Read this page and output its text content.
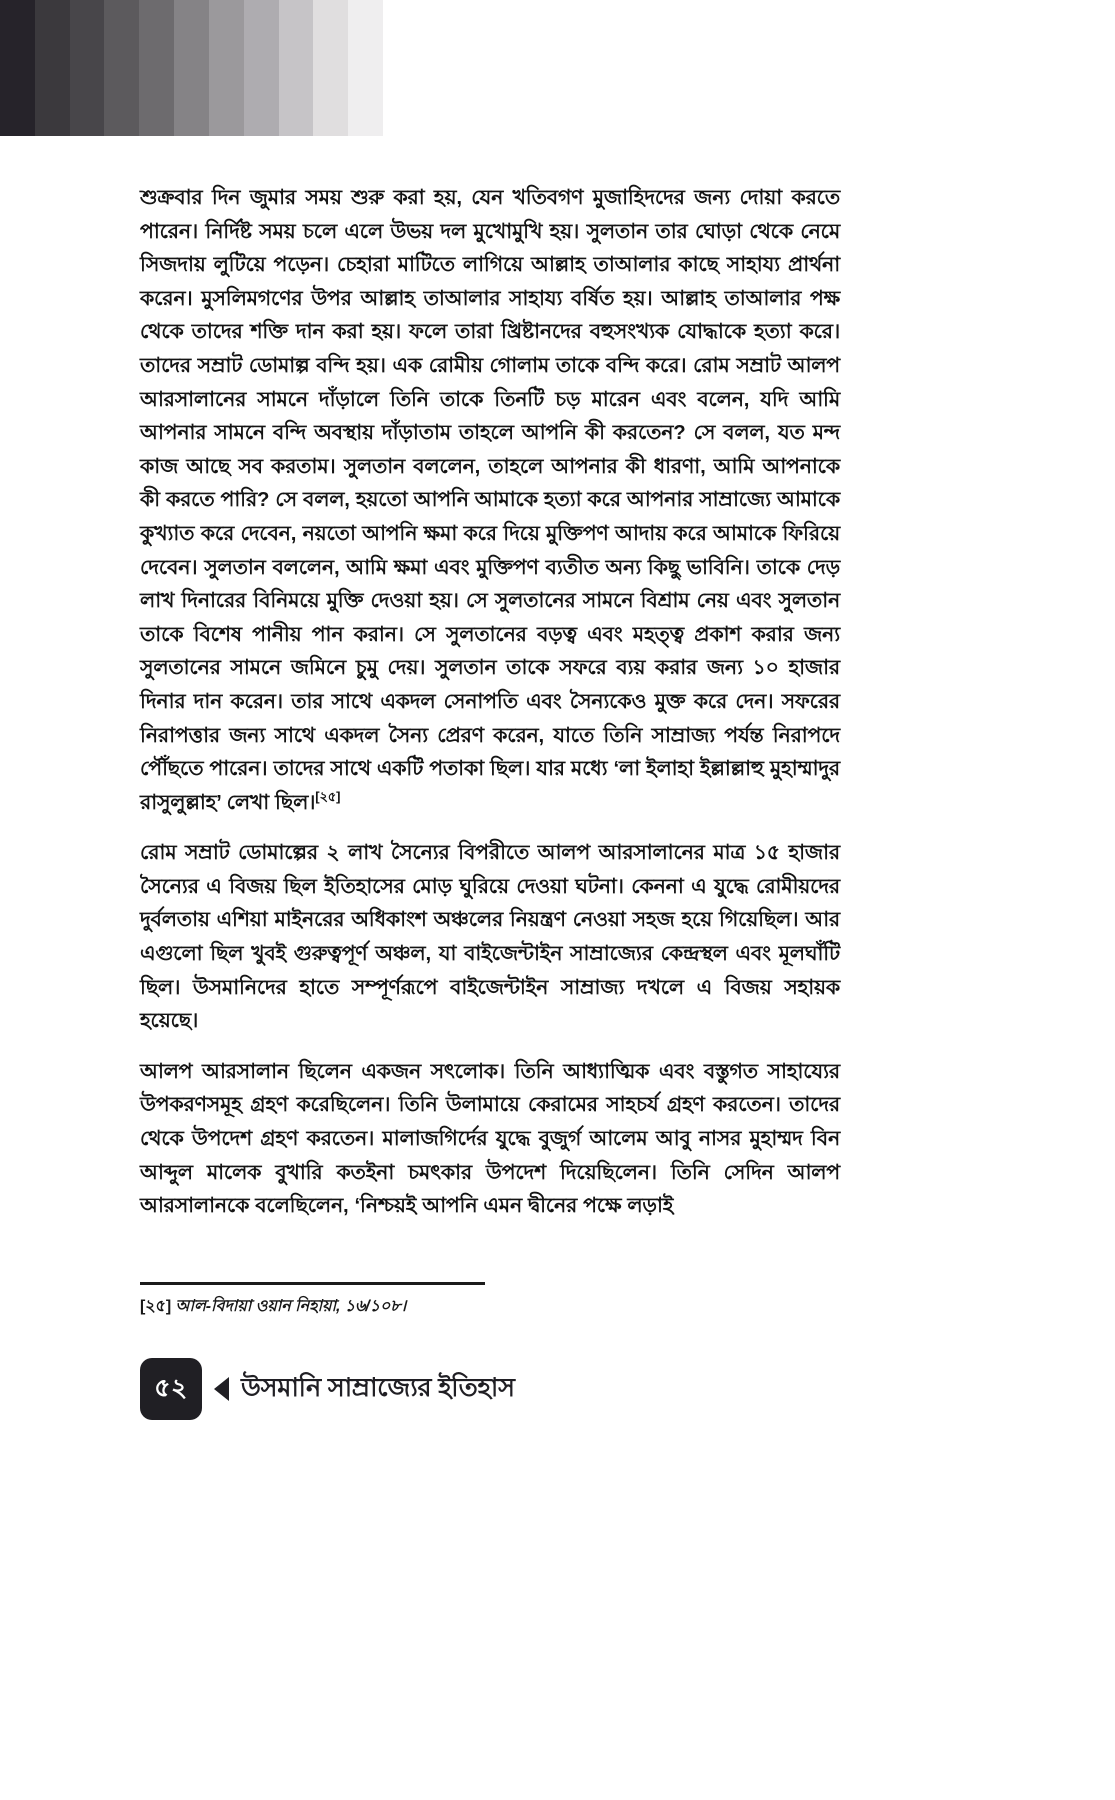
শুক্রবার দিন জুমার সময় শুরু করা হয়, যেন খতিবগণ মুজাহিদদের জন্য দোয়া করতে পারেন। নির্দিষ্ট সময় চলে এলে উভয় দল মুখোমুখি হয়। সুলতান তার ঘোড়া থেকে নেমে সিজদায় লুটিয়ে পড়েন। চেহারা মাটিতে লাগিয়ে আল্লাহ তাআলার কাছে সাহায্য প্রার্থনা করেন। মুসলিমগণের উপর আল্লাহ তাআলার সাহায্য বর্ষিত হয়। আল্লাহ তাআলার পক্ষ থেকে তাদের শক্তি দান করা হয়। ফলে তারা খ্রিষ্টানদের বহুসংখ্যক যোদ্ধাকে হত্যা করে। তাদের সম্রাট ডোমাল্প বন্দি হয়। এক রোমীয় গোলাম তাকে বন্দি করে। রোম সম্রাট আলপ আরসালানের সামনে দাঁড়ালে তিনি তাকে তিনটি চড় মারেন এবং বলেন, যদি আমি আপনার সামনে বন্দি অবস্থায় দাঁড়াতাম তাহলে আপনি কী করতেন? সে বলল, যত মন্দ কাজ আছে সব করতাম। সুলতান বললেন, তাহলে আপনার কী ধারণা, আমি আপনাকে কী করতে পারি? সে বলল, হয়তো আপনি আমাকে হত্যা করে আপনার সাম্রাজ্যে আমাকে কুখ্যাত করে দেবেন, নয়তো আপনি ক্ষমা করে দিয়ে মুক্তিপণ আদায় করে আমাকে ফিরিয়ে দেবেন। সুলতান বললেন, আমি ক্ষমা এবং মুক্তিপণ ব্যতীত অন্য কিছু ভাবিনি। তাকে দেড় লাখ দিনারের বিনিময়ে মুক্তি দেওয়া হয়। সে সুলতানের সামনে বিশ্রাম নেয় এবং সুলতান তাকে বিশেষ পানীয় পান করান। সে সুলতানের বড়ত্ব এবং মহত্ত্ব প্রকাশ করার জন্য সুলতানের সামনে জমিনে চুমু দেয়। সুলতান তাকে সফরে ব্যয় করার জন্য ১০ হাজার দিনার দান করেন। তার সাথে একদল সেনাপতি এবং সৈন্যকেও মুক্ত করে দেন। সফরের নিরাপত্তার জন্য সাথে একদল সৈন্য প্রেরণ করেন, যাতে তিনি সাম্রাজ্য পর্যন্ত নিরাপদে পৌঁছতে পারেন। তাদের সাথে একটি পতাকা ছিল। যার মধ্যে ‘লা ইলাহা ইল্লাল্লাহু মুহাম্মাদুর রাসুলুল্লাহ’ লেখা ছিল।[২৫]

রোম সম্রাট ডোমাল্পের ২ লাখ সৈন্যের বিপরীতে আলপ আরসালানের মাত্র ১৫ হাজার সৈন্যের এ বিজয় ছিল ইতিহাসের মোড় ঘুরিয়ে দেওয়া ঘটনা। কেননা এ যুদ্ধে রোমীয়দের দুর্বলতায় এশিয়া মাইনরের অধিকাংশ অঞ্চলের নিয়ন্ত্রণ নেওয়া সহজ হয়ে গিয়েছিল। আর এগুলো ছিল খুবই গুরুত্বপূর্ণ অঞ্চল, যা বাইজেন্টাইন সাম্রাজ্যের কেন্দ্রস্থল এবং মূলঘাঁটি ছিল। উসমানিদের হাতে সম্পূর্ণরূপে বাইজেন্টাইন সাম্রাজ্য দখলে এ বিজয় সহায়ক হয়েছে।

আলপ আরসালান ছিলেন একজন সৎলোক। তিনি আধ্যাত্মিক এবং বস্তুগত সাহায্যের উপকরণসমূহ গ্রহণ করেছিলেন। তিনি উলামায়ে কেরামের সাহচর্য গ্রহণ করতেন। তাদের থেকে উপদেশ গ্রহণ করতেন। মালাজগির্দের যুদ্ধে বুজুর্গ আলেম আবু নাসর মুহাম্মদ বিন আব্দুল মালেক বুখারি কতইনা চমৎকার উপদেশ দিয়েছিলেন। তিনি সেদিন আলপ আরসালানকে বলেছিলেন, ‘নিশ্চয়ই আপনি এমন দ্বীনের পক্ষে লড়াই

[২৫] আল-বিদায়া ওয়ান নিহায়া, ১৬/১০৮।
৫২	উসমানি সাম্রাজ্যের ইতিহাস
